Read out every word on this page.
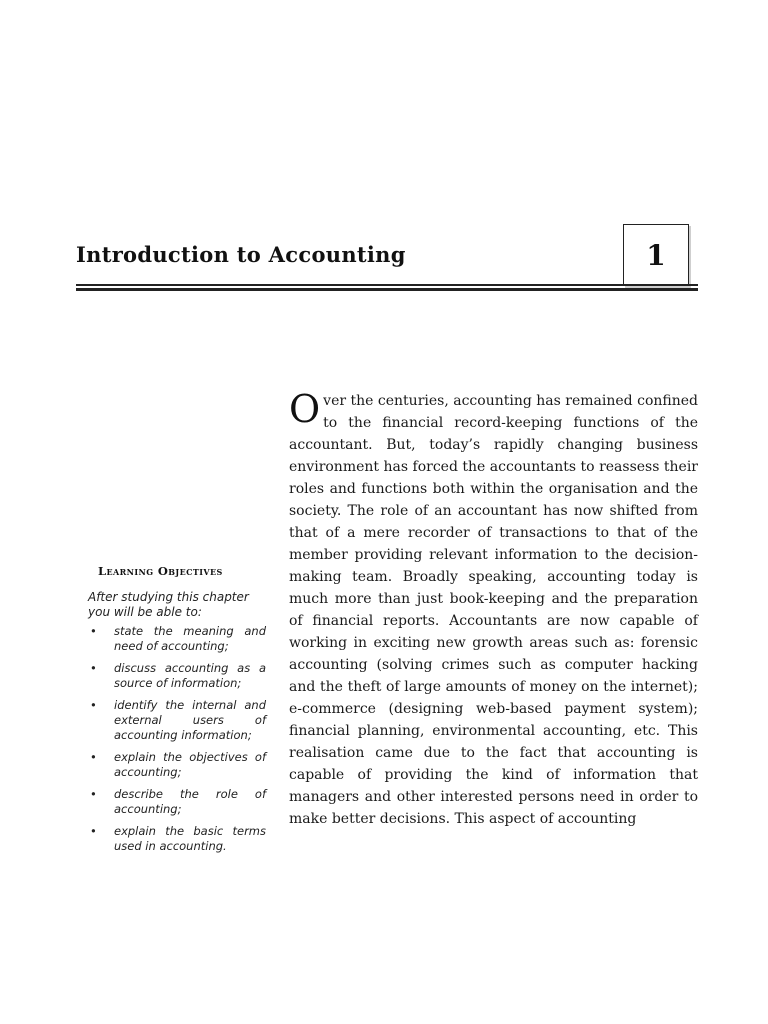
Introduction to Accounting	1
Learning Objectives

After studying this chapter you will be able to:

• state the meaning and need of accounting;
• discuss accounting as a source of information;
• identify the internal and external users of accounting information;
• explain the objectives of accounting;
• describe the role of accounting;
• explain the basic terms used in accounting.

Over the centuries, accounting has remained confined to the financial record-keeping functions of the accountant. But, today’s rapidly changing business environment has forced the accountants to reassess their roles and functions both within the organisation and the society. The role of an accountant has now shifted from that of a mere recorder of transactions to that of the member providing relevant information to the decision-making team. Broadly speaking, accounting today is much more than just book-keeping and the preparation of financial reports. Accountants are now capable of working in exciting new growth areas such as: forensic accounting (solving crimes such as computer hacking and the theft of large amounts of money on the internet); e-commerce (designing web-based payment system); financial planning, environmental accounting, etc. This realisation came due to the fact that accounting is capable of providing the kind of information that managers and other interested persons need in order to make better decisions. This aspect of accounting
